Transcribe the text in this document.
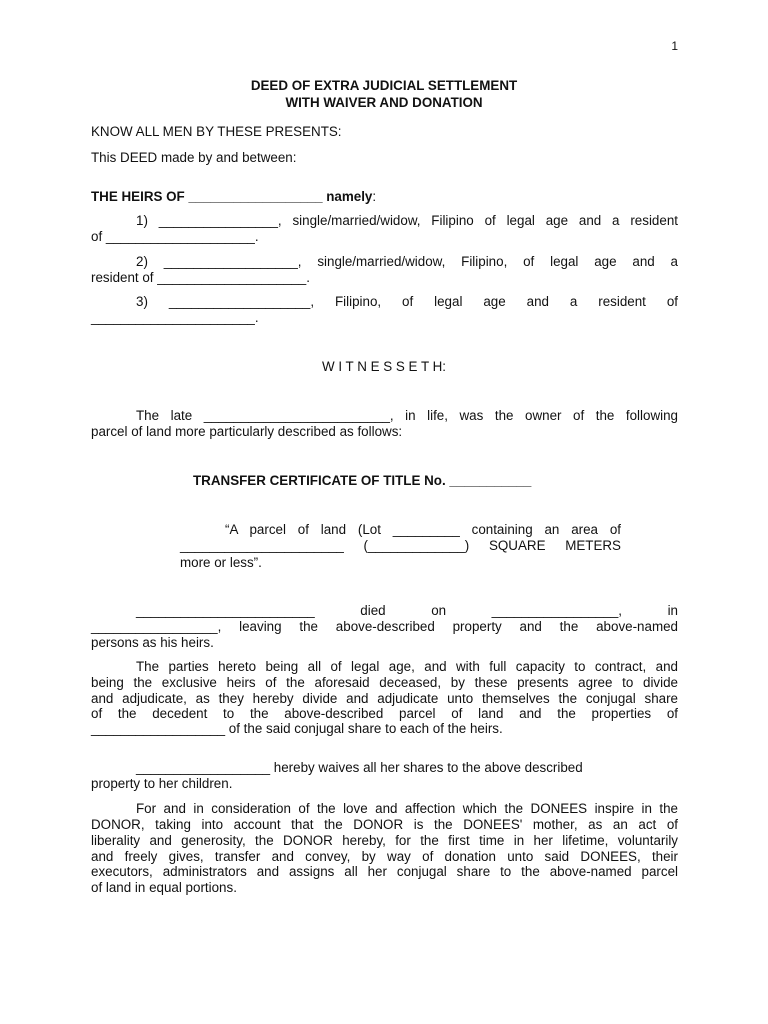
1
DEED OF EXTRA JUDICIAL SETTLEMENT
WITH WAIVER AND DONATION
KNOW ALL MEN BY THESE PRESENTS:
This DEED made by and between:
THE HEIRS OF __________________ namely:
1) ________________, single/married/widow, Filipino of legal age and a resident
of ____________________.
2) __________________, single/married/widow, Filipino, of legal age and a
resident of ____________________.
3) ___________________, Filipino, of legal age and a resident of
______________________.
W I T N E S S E T H:
The late _________________________, in life, was the owner of the following
parcel of land more particularly described as follows:
TRANSFER CERTIFICATE OF TITLE No. ___________
“A parcel of land (Lot _________ containing an area of
______________________ (_____________) SQUARE METERS
more or less”.
________________________ died on _________________, in
_________________, leaving the above-described property and the above-named
persons as his heirs.
The parties hereto being all of legal age, and with full capacity to contract, and
being the exclusive heirs of the aforesaid deceased, by these presents agree to divide
and adjudicate, as they hereby divide and adjudicate unto themselves the conjugal share
of the decedent to the above-described parcel of land and the properties of
__________________ of the said conjugal share to each of the heirs.
__________________ hereby waives all her shares to the above described
property to her children.
For and in consideration of the love and affection which the DONEES inspire in the
DONOR, taking into account that the DONOR is the DONEES' mother, as an act of
liberality and generosity, the DONOR hereby, for the first time in her lifetime, voluntarily
and freely gives, transfer and convey, by way of donation unto said DONEES, their
executors, administrators and assigns all her conjugal share to the above-named parcel
of land in equal portions.
